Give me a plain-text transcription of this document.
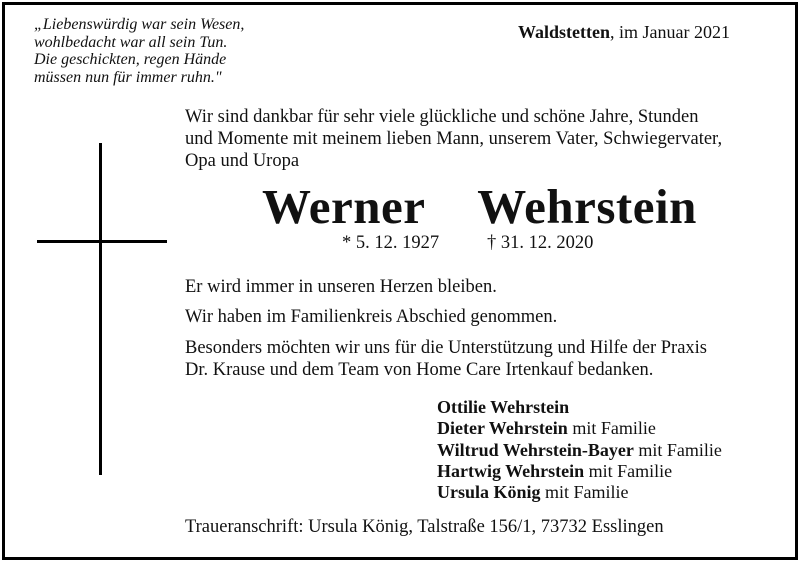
„Liebenswürdig war sein Wesen,
wohlbedacht war all sein Tun.
Die geschickten, regen Hände
müssen nun für immer ruhn."
Waldstetten, im Januar 2021
Wir sind dankbar für sehr viele glückliche und schöne Jahre, Stunden
und Momente mit meinem lieben Mann, unserem Vater, Schwiegervater,
Opa und Uropa
Werner  Wehrstein
* 5. 12. 1927	† 31. 12. 2020
Er wird immer in unseren Herzen bleiben.
Wir haben im Familienkreis Abschied genommen.
Besonders möchten wir uns für die Unterstützung und Hilfe der Praxis
Dr. Krause und dem Team von Home Care Irtenkauf bedanken.
Ottilie Wehrstein
Dieter Wehrstein mit Familie
Wiltrud Wehrstein-Bayer mit Familie
Hartwig Wehrstein mit Familie
Ursula König mit Familie
Traueranschrift: Ursula König, Talstraße 156/1, 73732 Esslingen
